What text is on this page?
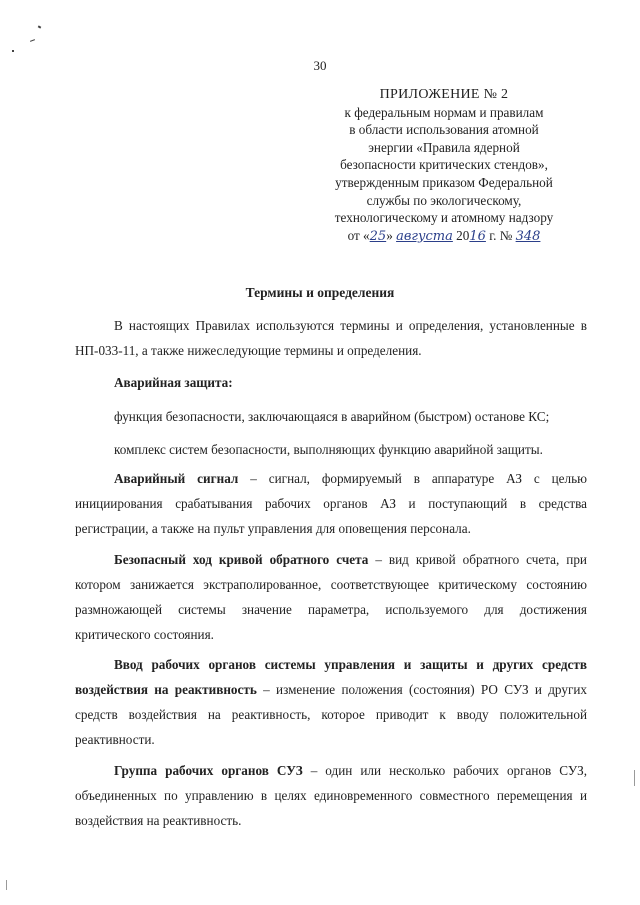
30
ПРИЛОЖЕНИЕ № 2
к федеральным нормам и правилам
в области использования атомной
энергии «Правила ядерной
безопасности критических стендов»,
утвержденным приказом Федеральной
службы по экологическому,
технологическому и атомному надзору
от «25» августа 2016 г. № 348
Термины и определения

В настоящих Правилах используются термины и определения, установленные в НП-033-11, а также нижеследующие термины и определения.

Аварийная защита:

функция безопасности, заключающаяся в аварийном (быстром) останове КС;

комплекс систем безопасности, выполняющих функцию аварийной защиты.

Аварийный сигнал – сигнал, формируемый в аппаратуре АЗ с целью инициирования срабатывания рабочих органов АЗ и поступающий в средства регистрации, а также на пульт управления для оповещения персонала.

Безопасный ход кривой обратного счета – вид кривой обратного счета, при котором занижается экстраполированное, соответствующее критическому состоянию размножающей системы значение параметра, используемого для достижения критического состояния.

Ввод рабочих органов системы управления и защиты и других средств воздействия на реактивность – изменение положения (состояния) РО СУЗ и других средств воздействия на реактивность, которое приводит к вводу положительной реактивности.

Группа рабочих органов СУЗ – один или несколько рабочих органов СУЗ, объединенных по управлению в целях единовременного совместного перемещения и воздействия на реактивность.
